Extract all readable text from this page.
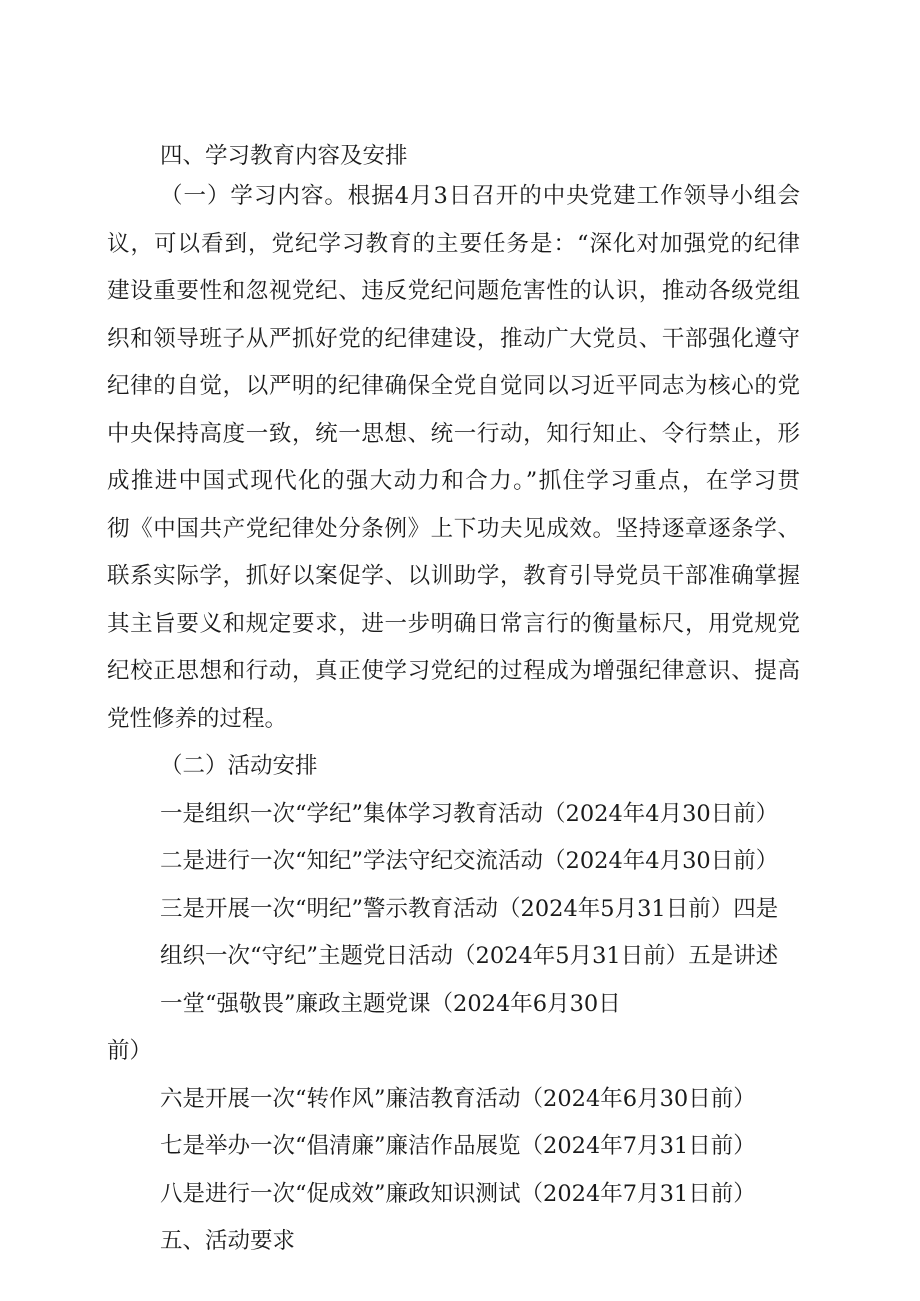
四、学习教育内容及安排

（一）学习内容。根据4月3日召开的中央党建工作领导小组会

议，可以看到，党纪学习教育的主要任务是：“深化对加强党的纪律

建设重要性和忽视党纪、违反党纪问题危害性的认识，推动各级党组

织和领导班子从严抓好党的纪律建设，推动广大党员、干部强化遵守

纪律的自觉，以严明的纪律确保全党自觉同以习近平同志为核心的党

中央保持高度一致，统一思想、统一行动，知行知止、令行禁止，形

成推进中国式现代化的强大动力和合力。”抓住学习重点，在学习贯

彻《中国共产党纪律处分条例》上下功夫见成效。坚持逐章逐条学、

联系实际学，抓好以案促学、以训助学，教育引导党员干部准确掌握

其主旨要义和规定要求，进一步明确日常言行的衡量标尺，用党规党

纪校正思想和行动，真正使学习党纪的过程成为增强纪律意识、提高

党性修养的过程。

（二）活动安排

一是组织一次“学纪”集体学习教育活动（2024年4月30日前）

二是进行一次“知纪”学法守纪交流活动（2024年4月30日前）

三是开展一次“明纪”警示教育活动（2024年5月31日前）四是

组织一次“守纪”主题党日活动（2024年5月31日前）五是讲述

一堂“强敬畏”廉政主题党课（2024年6月30日

前）

六是开展一次“转作风”廉洁教育活动（2024年6月30日前）

七是举办一次“倡清廉”廉洁作品展览（2024年7月31日前）

八是进行一次“促成效”廉政知识测试（2024年7月31日前）

五、活动要求
